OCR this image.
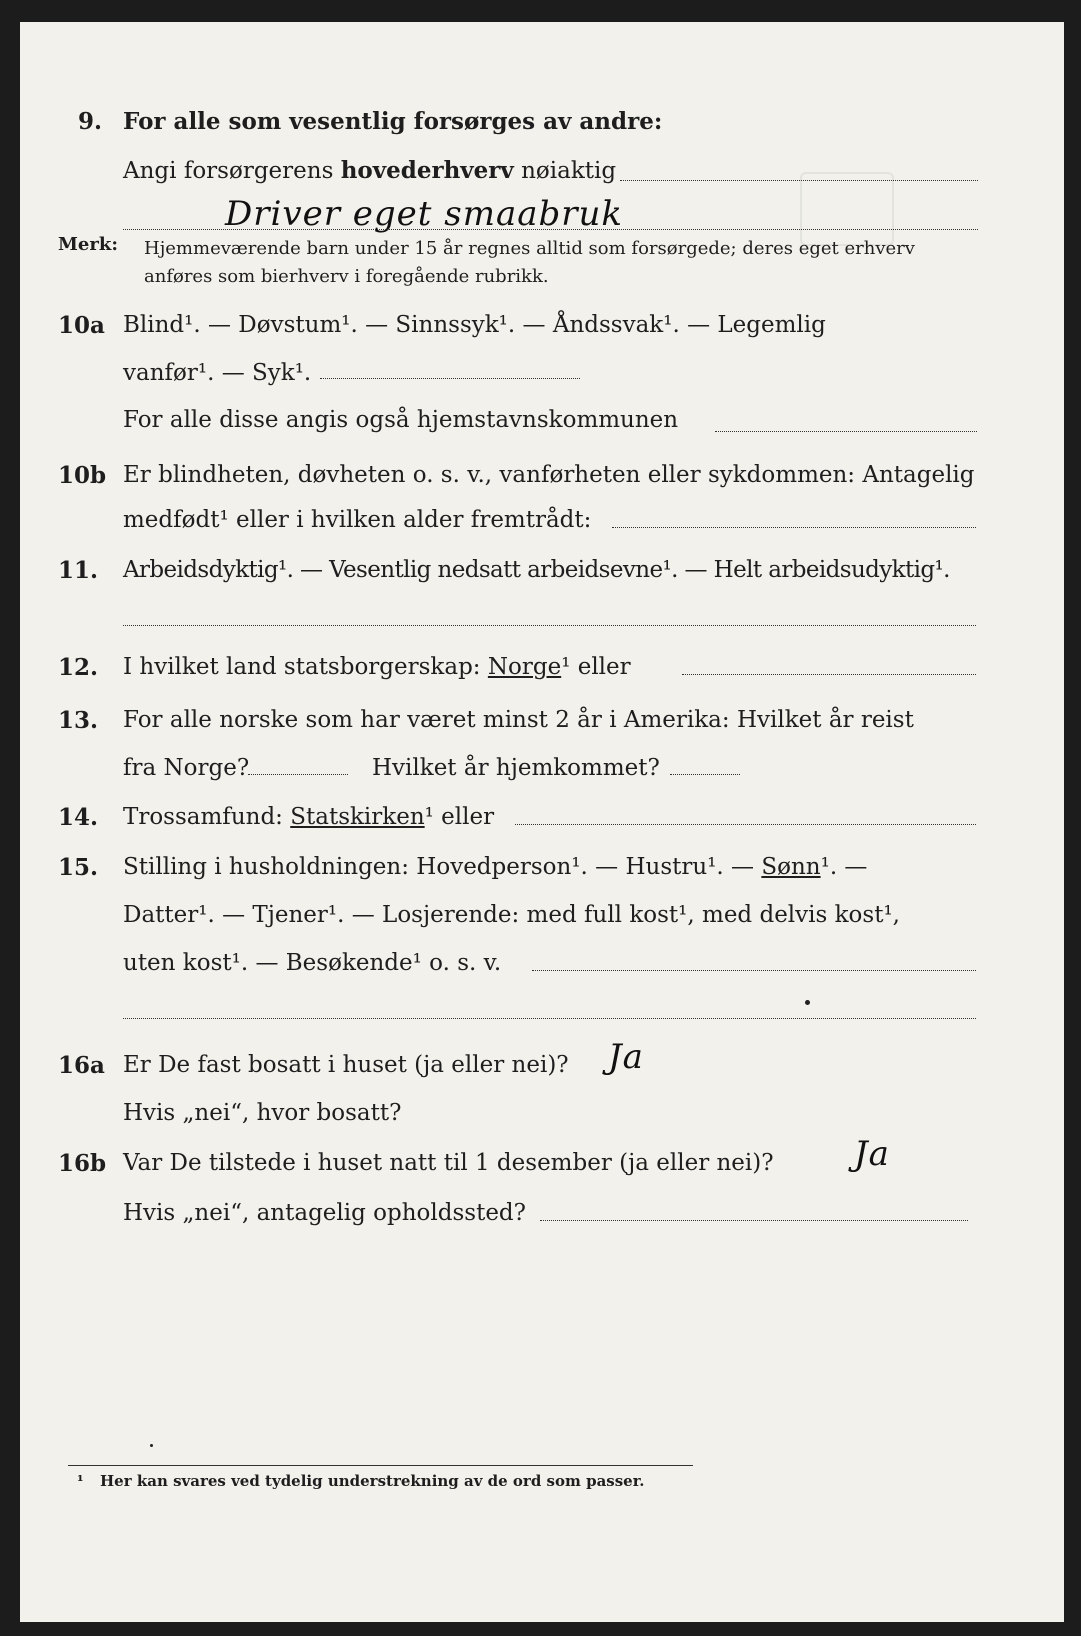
9. For alle som vesentlig forsørges av andre:
Angi forsørgerens hovederhverv nøiaktig
Driver eget smaabruk
Merk: Hjemmeværende barn under 15 år regnes alltid som forsørgede; deres eget erhverv
anføres som bierhverv i foregående rubrikk.
10a Blind¹. — Døvstum¹. — Sinnssyk¹. — Åndssvak¹. — Legemlig
vanfør¹. — Syk¹.
For alle disse angis også hjemstavnskommunen
10b Er blindheten, døvheten o. s. v., vanførheten eller sykdommen: Antagelig
medfødt¹ eller i hvilken alder fremtrådt:
11. Arbeidsdyktig¹. — Vesentlig nedsatt arbeidsevne¹. — Helt arbeidsudyktig¹.
12. I hvilket land statsborgerskap: Norge¹ eller
13. For alle norske som har været minst 2 år i Amerika: Hvilket år reist
fra Norge?	Hvilket år hjemkommet?
14. Trossamfund: Statskirken¹ eller
15. Stilling i husholdningen: Hovedperson¹. — Hustru¹. — Sønn¹. —
Datter¹. — Tjener¹. — Losjerende: med full kost¹, med delvis kost¹,
uten kost¹. — Besøkende¹ o. s. v.
16a Er De fast bosatt i huset (ja eller nei)? Ja
Hvis „nei“, hvor bosatt?
16b Var De tilstede i huset natt til 1 desember (ja eller nei)? Ja
Hvis „nei“, antagelig opholdssted?
¹ Her kan svares ved tydelig understrekning av de ord som passer.
